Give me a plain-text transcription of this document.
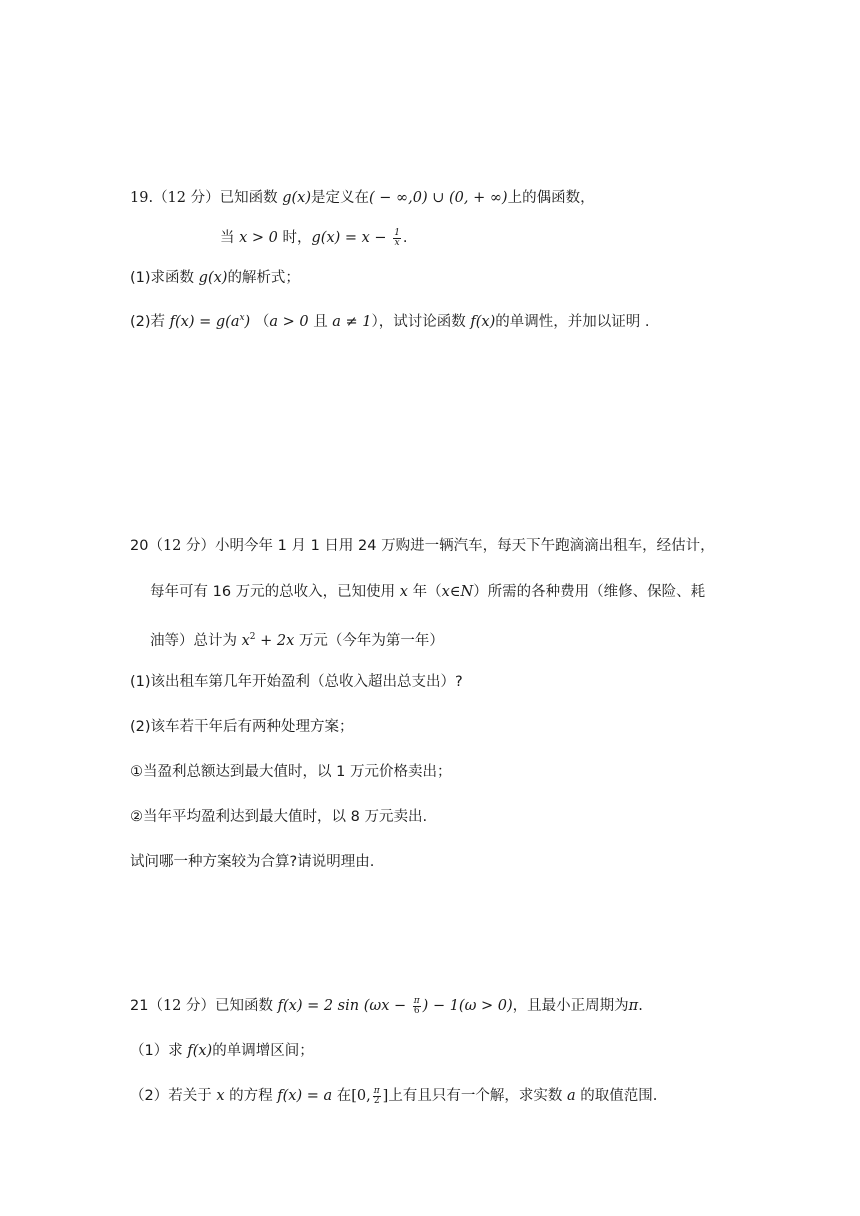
19.（12 分）已知函数 g(x)是定义在( − ∞,0) ∪ (0, + ∞)上的偶函数，
当 x > 0 时，$g(x) = x - \frac{1}{x}$ .
(1)求函数 g(x)的解析式；
(2)若 $f(x) = g(a^x) (a > 0$ 且 a ≠ 1），试讨论函数 f(x)的单调性，并加以证明 .
20（12 分）小明今年 1 月 1 日用 24 万购进一辆汽车，每天下午跑滴滴出租车，经估计，
每年可有 16 万元的总收入，已知使用 x 年（x∈N）所需的各种费用（维修、保险、耗
油等）总计为 $x^2 + 2x$ 万元（今年为第一年）
(1)该出租车第几年开始盈利（总收入超出总支出）?
(2)该车若干年后有两种处理方案；
①当盈利总额达到最大值时，以 1 万元价格卖出；
②当年平均盈利达到最大值时，以 8 万元卖出.
试问哪一种方案较为合算?请说明理由.
21（12 分）已知函数 f(x) = 2 $\sin (\omega x - \frac{\pi}{6}$ ) − 1(ω > 0)，且最小正周期为π.
（1）求 f(x)的单调增区间；
（2）若关于 x 的方程 f(x) = a 在[0, $\frac{\pi}{2}$ ]上有且只有一个解，求实数 a 的取值范围.
